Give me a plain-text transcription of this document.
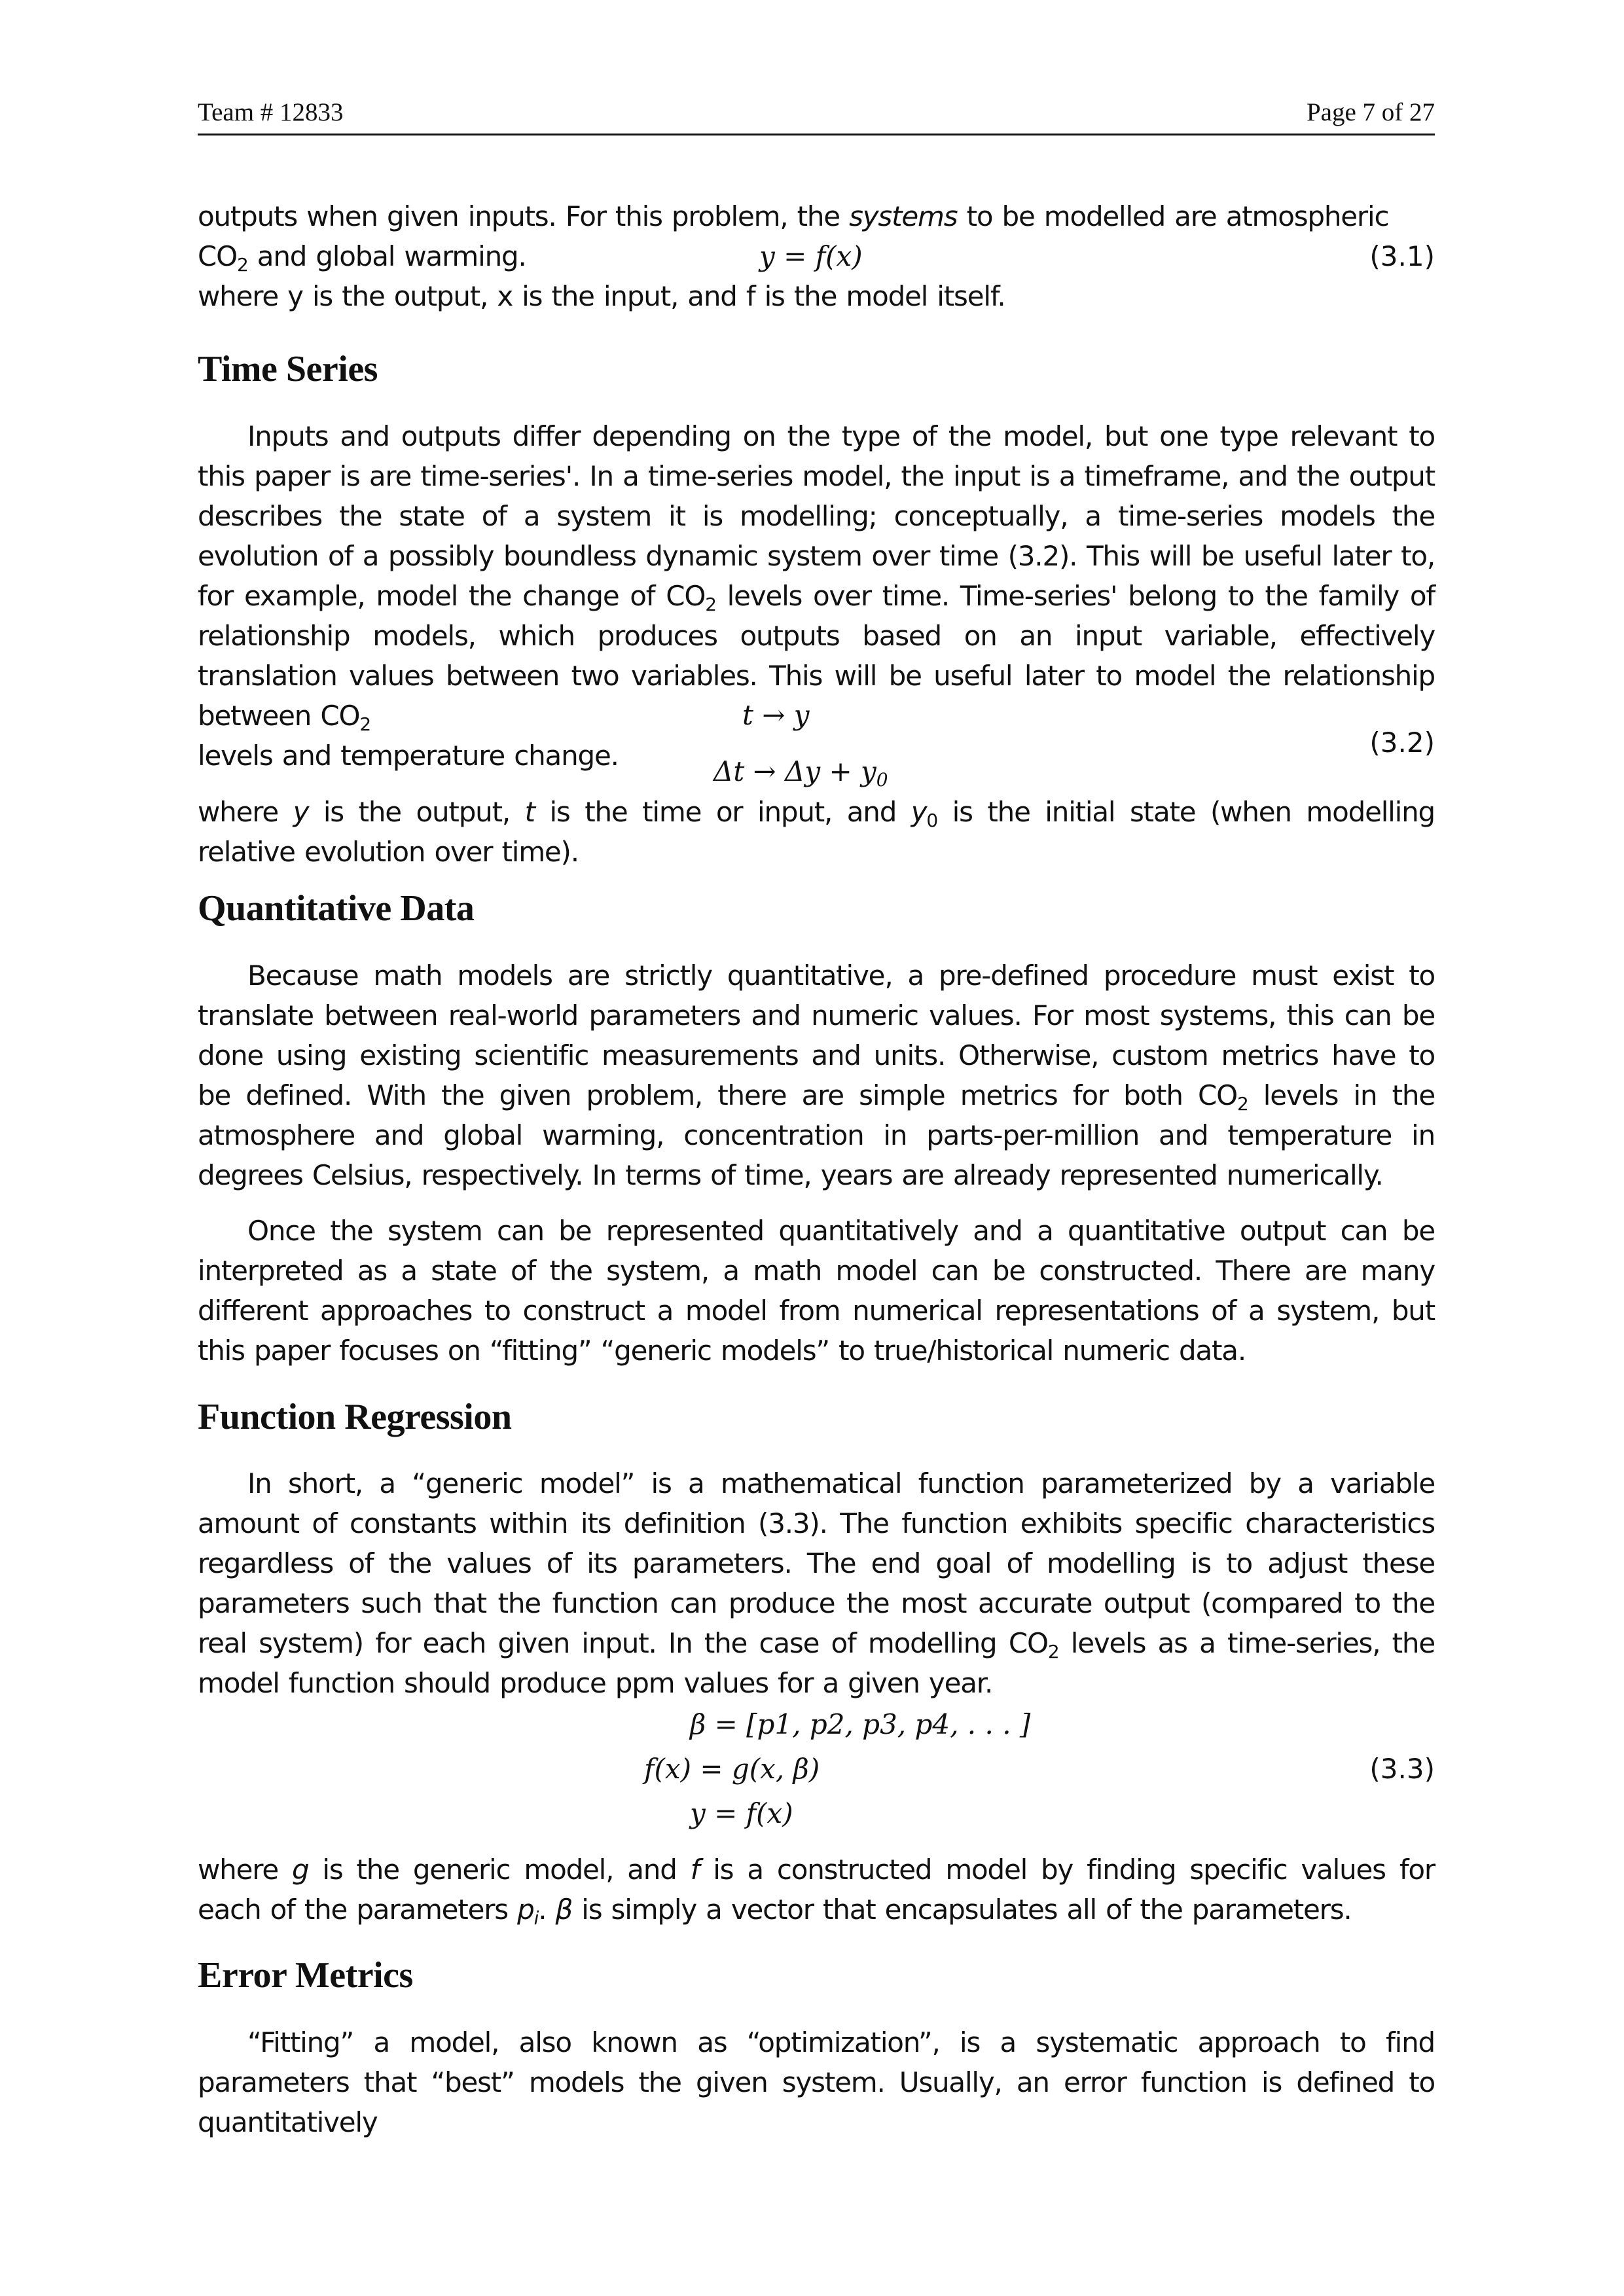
Team # 12833	Page 7 of 27

outputs when given inputs. For this problem, the systems to be modelled are atmospheric

$CO_2$ and global warming.	y = f(x)	(3.1)

where y is the output, x is the input, and f is the model itself.

Time Series

Inputs and outputs differ depending on the type of the model, but one type relevant to this paper is are time-series'. In a time-series model, the input is a timeframe, and the output describes the state of a system it is modelling; conceptually, a time-series models the evolution of a possibly boundless dynamic system over time (3.2). This will be useful later to, for example, model the change of $CO_2$ levels over time. Time-series' belong to the family of relationship models, which produces outputs based on an input variable, effectively translation values between two variables. This will be useful later to model the relationship between $CO_2$
levels and temperature change.

t → y
(3.2)
$\Delta t \to \Delta y + y_0$

where y is the output, t is the time or input, and $y_0$ is the initial state (when modelling relative evolution over time).

Quantitative Data

Because math models are strictly quantitative, a pre-defined procedure must exist to translate between real-world parameters and numeric values. For most systems, this can be done using existing scientific measurements and units. Otherwise, custom metrics have to be defined. With the given problem, there are simple metrics for both $CO_2$ levels in the atmosphere and global warming, concentration in parts-per-million and temperature in degrees Celsius, respectively. In terms of time, years are already represented numerically.

Once the system can be represented quantitatively and a quantitative output can be interpreted as a state of the system, a math model can be constructed. There are many different approaches to construct a model from numerical representations of a system, but this paper focuses on “fitting” “generic models” to true/historical numeric data.

Function Regression

In short, a “generic model” is a mathematical function parameterized by a variable amount of constants within its definition (3.3). The function exhibits specific characteristics regardless of the values of its parameters. The end goal of modelling is to adjust these parameters such that the function can produce the most accurate output (compared to the real system) for each given input. In the case of modelling $CO_2$ levels as a time-series, the model function should produce ppm values for a given year.

β = [p1, p2, p3, p4, . . . ]
f(x) = g(x, β)	(3.3)
y = f(x)

where g is the generic model, and f is a constructed model by finding specific values for each of the parameters $p_i$. β is simply a vector that encapsulates all of the parameters.

Error Metrics

“Fitting” a model, also known as “optimization”, is a systematic approach to find parameters that “best” models the given system. Usually, an error function is defined to quantitatively
